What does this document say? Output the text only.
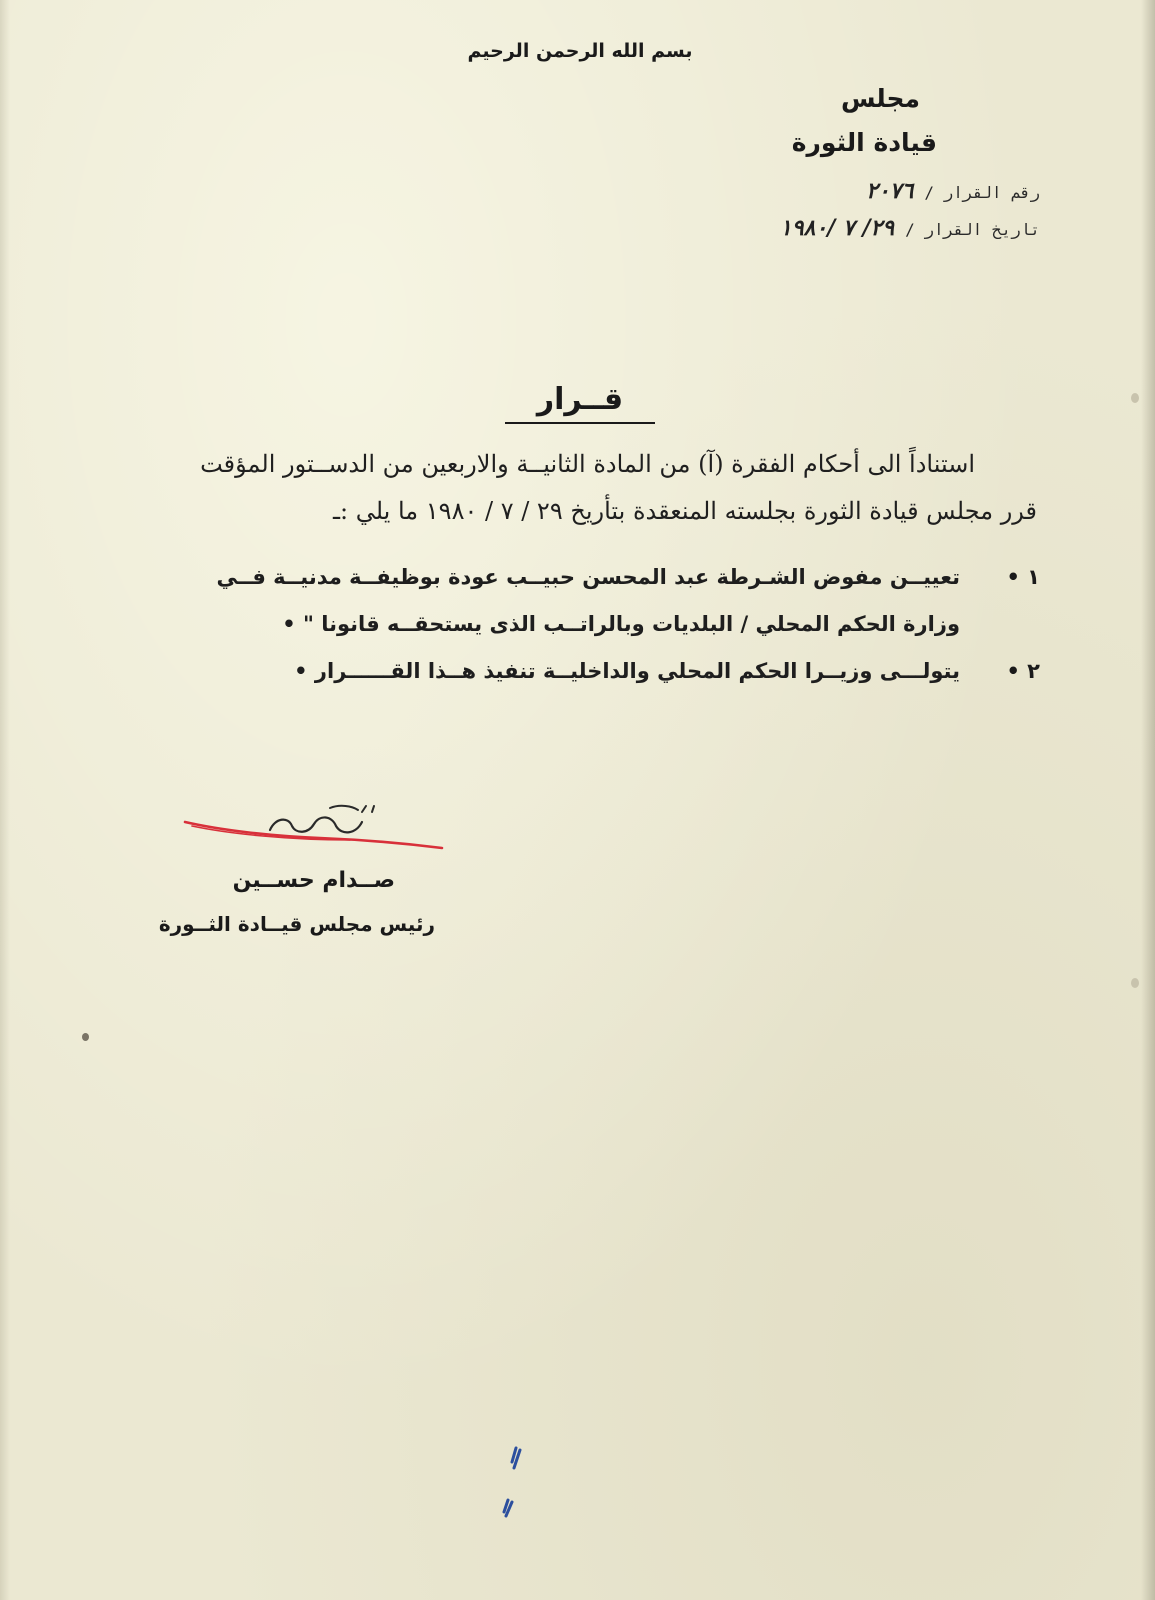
بسم الله الرحمن الرحيم
مجلس
قيادة الثورة
رقم القرار / ٢٠٧٦
تاريخ القرار / ٢٩/ ٧ /١٩٨٠
قــرار
استناداً الى أحكام الفقرة (آ) من المادة الثانيــة والاربعين من الدســتور المؤقت
قرر مجلس قيادة الثورة بجلسته المنعقدة بتأريخ ٢٩ / ٧ / ١٩٨٠ ما يلي :ـ
١ •
تعييــن مفوض الشـرطة عبد المحسن حبيــب عودة بوظيفــة مدنيــة فــي
وزارة الحكم المحلي / البلديات وبالراتــب الذى يستحقــه قانونا " •
٢ •
يتولـــى وزيــرا الحكم المحلي والداخليــة تنفيذ هــذا القــــــرار •
صــدام حســين
رئيس مجلس قيــادة الثــورة
